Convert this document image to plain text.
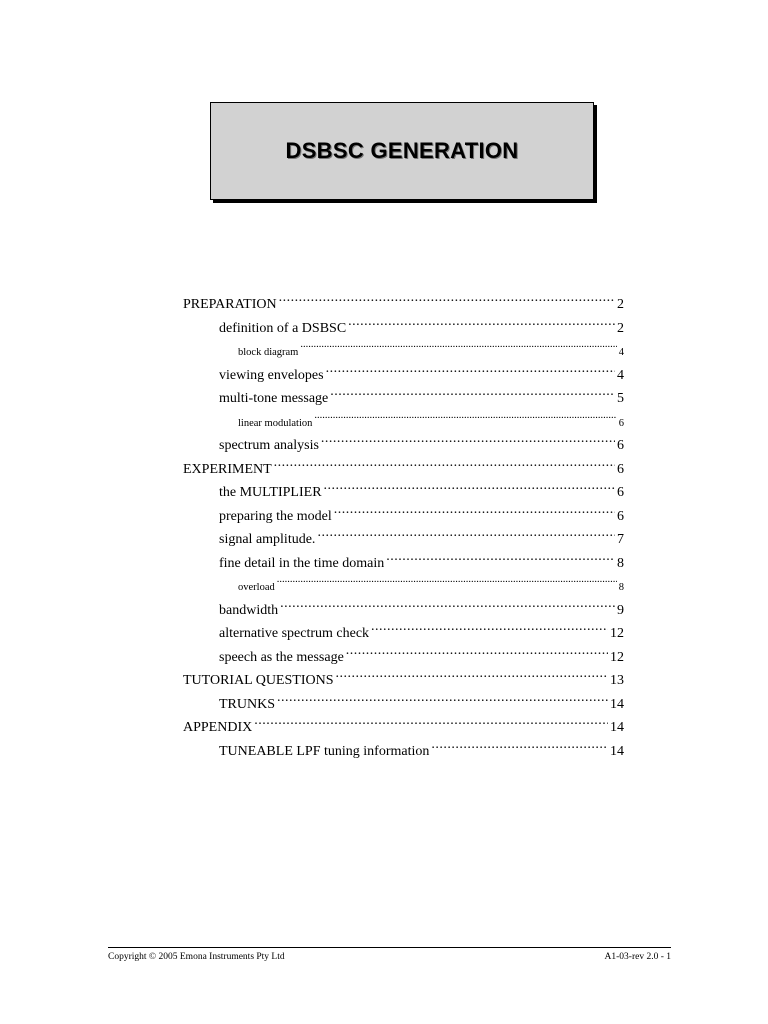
DSBSC GENERATION
PREPARATION .....	2
definition of a DSBSC .....	2
block diagram .....	4
viewing envelopes .....	4
multi-tone message .....	5
linear modulation .....	6
spectrum analysis .....	6
EXPERIMENT .....	6
the MULTIPLIER .....	6
preparing the model .....	6
signal amplitude. .....	7
fine detail in the time domain .....	8
overload .....	8
bandwidth .....	9
alternative spectrum check .....	12
speech as the message .....	12
TUTORIAL QUESTIONS .....	13
TRUNKS .....	14
APPENDIX .....	14
TUNEABLE LPF tuning information .....	14
Copyright © 2005 Emona Instruments Pty Ltd	A1-03-rev 2.0 - 1
